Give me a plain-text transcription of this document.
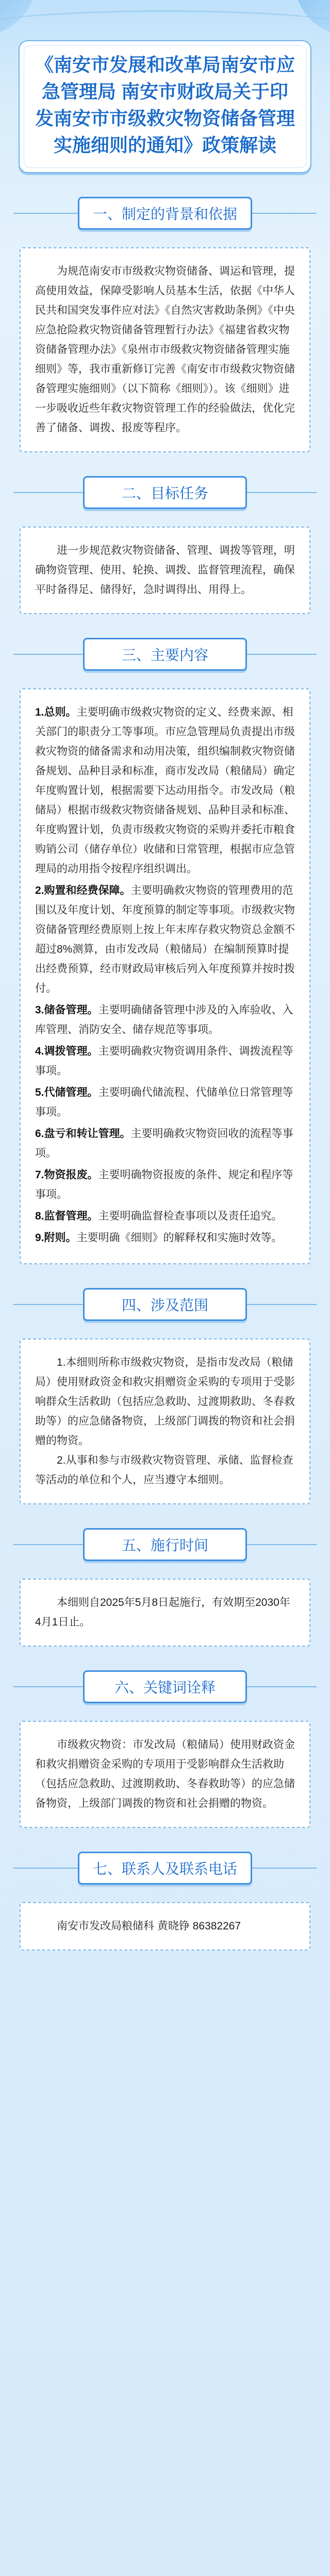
《南安市发展和改革局南安市应急管理局 南安市财政局关于印发南安市市级救灾物资储备管理实施细则的通知》政策解读
一、制定的背景和依据

为规范南安市市级救灾物资储备、调运和管理，提高使用效益，保障受影响人员基本生活，依据《中华人民共和国突发事件应对法》《自然灾害救助条例》《中央应急抢险救灾物资储备管理暂行办法》《福建省救灾物资储备管理办法》《泉州市市级救灾物资储备管理实施细则》等，我市重新修订完善《南安市市级救灾物资储备管理实施细则》（以下简称《细则》）。该《细则》进一步吸收近些年救灾物资管理工作的经验做法，优化完善了储备、调拨、报废等程序。

二、目标任务

进一步规范救灾物资储备、管理、调拨等管理，明确物资管理、使用、轮换、调拨、监督管理流程，确保平时备得足、储得好，急时调得出、用得上。

三、主要内容
1.总则。主要明确市级救灾物资的定义、经费来源、相关部门的职责分工等事项。市应急管理局负责提出市级救灾物资的储备需求和动用决策，组织编制救灾物资储备规划、品种目录和标准，商市发改局（粮储局）确定年度购置计划，根据需要下达动用指令。市发改局（粮储局）根据市级救灾物资储备规划、品种目录和标准、年度购置计划，负责市级救灾物资的采购并委托市粮食购销公司（储存单位）收储和日常管理，根据市应急管理局的动用指令按程序组织调出。
2.购置和经费保障。主要明确救灾物资的管理费用的范围以及年度计划、年度预算的制定等事项。市级救灾物资储备管理经费原则上按上年末库存救灾物资总金额不超过8%测算，由市发改局（粮储局）在编制预算时提出经费预算，经市财政局审核后列入年度预算并按时拨付。
3.储备管理。主要明确储备管理中涉及的入库验收、入库管理、消防安全、储存规范等事项。
4.调拨管理。主要明确救灾物资调用条件、调拨流程等事项。
5.代储管理。主要明确代储流程、代储单位日常管理等事项。
6.盘亏和转让管理。主要明确救灾物资回收的流程等事项。
7.物资报废。主要明确物资报废的条件、规定和程序等事项。
8.监督管理。主要明确监督检查事项以及责任追究。
9.附则。主要明确《细则》的解释权和实施时效等。
四、涉及范围

1.本细则所称市级救灾物资，是指市发改局（粮储局）使用财政资金和救灾捐赠资金采购的专项用于受影响群众生活救助（包括应急救助、过渡期救助、冬春救助等）的应急储备物资，上级部门调拨的物资和社会捐赠的物资。

2.从事和参与市级救灾物资管理、承储、监督检查等活动的单位和个人，应当遵守本细则。

五、施行时间

本细则自2025年5月8日起施行，有效期至2030年4月1日止。

六、关键词诠释

市级救灾物资：市发改局（粮储局）使用财政资金和救灾捐赠资金采购的专项用于受影响群众生活救助（包括应急救助、过渡期救助、冬春救助等）的应急储备物资，上级部门调拨的物资和社会捐赠的物资。

七、联系人及联系电话

南安市发改局粮储科 黄晓铮 86382267
